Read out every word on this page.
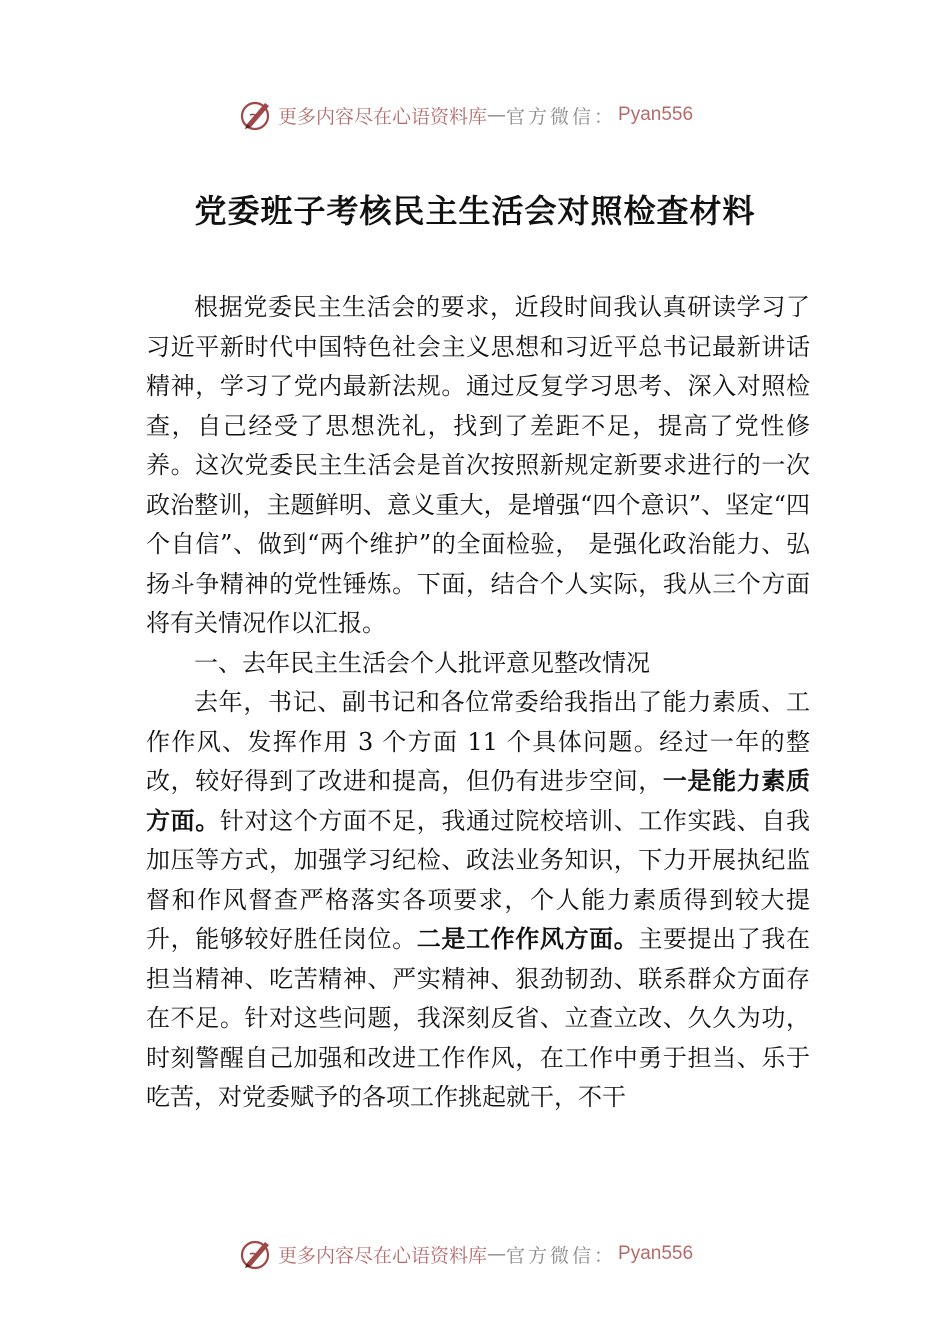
更多内容尽在心语资料库 — 官方微信： Pyan556
党委班子考核民主生活会对照检查材料

根据党委民主生活会的要求，近段时间我认真研读学习了习近平新时代中国特色社会主义思想和习近平总书记最新讲话精神，学习了党内最新法规。通过反复学习思考、深入对照检查，自己经受了思想洗礼，找到了差距不足，提高了党性修养。这次党委民主生活会是首次按照新规定新要求进行的一次政治整训，主题鲜明、意义重大，是增强“四个意识”、坚定“四个自信”、做到“两个维护”的全面检验， 是强化政治能力、弘扬斗争精神的党性锤炼。下面，结合个人实际，我从三个方面将有关情况作以汇报。

一、去年民主生活会个人批评意见整改情况

去年，书记、副书记和各位常委给我指出了能力素质、工作作风、发挥作用 3 个方面 11 个具体问题。经过一年的整改，较好得到了改进和提高，但仍有进步空间，一是能力素质方面。针对这个方面不足，我通过院校培训、工作实践、自我加压等方式，加强学习纪检、政法业务知识，下力开展执纪监督和作风督查严格落实各项要求，个人能力素质得到较大提升，能够较好胜任岗位。二是工作作风方面。主要提出了我在担当精神、吃苦精神、严实精神、狠劲韧劲、联系群众方面存在不足。针对这些问题，我深刻反省、立查立改、久久为功，时刻警醒自己加强和改进工作作风，在工作中勇于担当、乐于吃苦，对党委赋予的各项工作挑起就干，不干

更多内容尽在心语资料库 — 官方微信： Pyan556
